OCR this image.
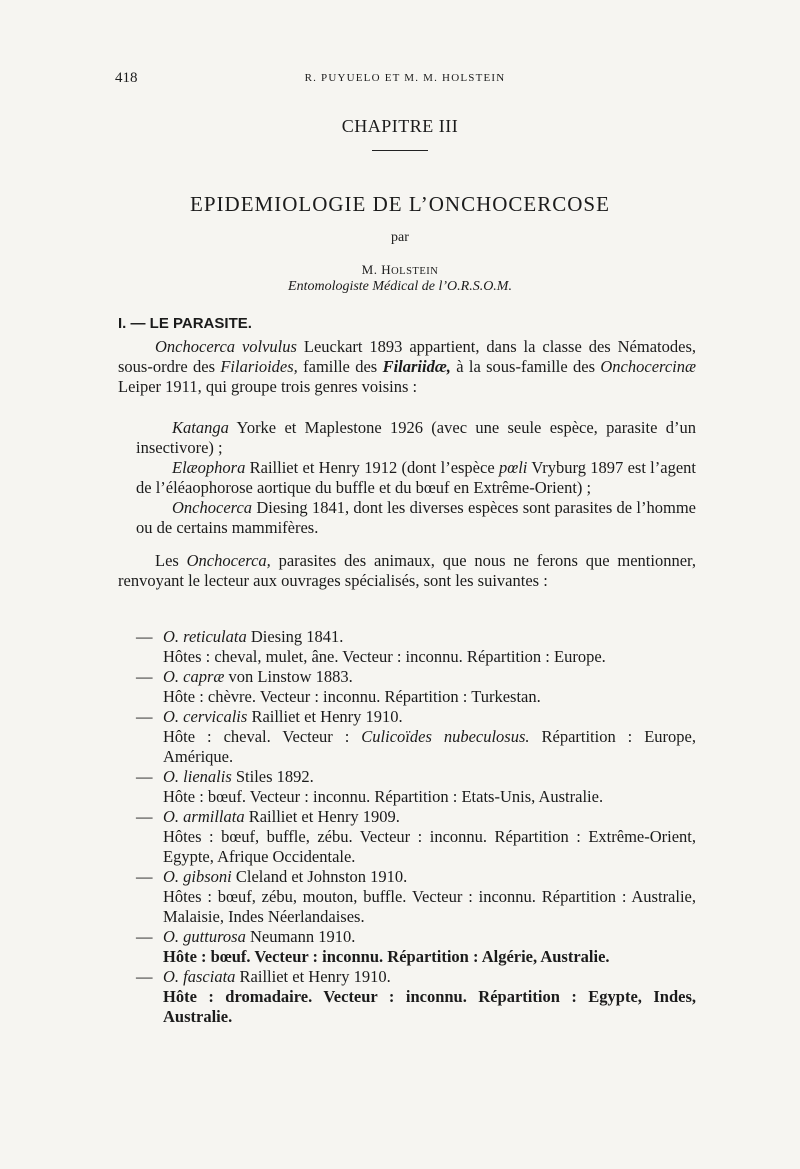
418	R. PUYUELO ET M. M. HOLSTEIN
CHAPITRE III
EPIDEMIOLOGIE DE L’ONCHOCERCOSE
par
M. HOLSTEIN
Entomologiste Médical de l’O.R.S.O.M.
I. — LE PARASITE.
Onchocerca volvulus Leuckart 1893 appartient, dans la classe des Nématodes, sous-ordre des Filarioides, famille des Filariidæ, à la sous-famille des Onchocercinæ Leiper 1911, qui groupe trois genres voisins :
Katanga Yorke et Maplestone 1926 (avec une seule espèce, parasite d’un insectivore) ;
Elæophora Railliet et Henry 1912 (dont l’espèce pœli Vryburg 1897 est l’agent de l’éléaophorose aortique du buffle et du bœuf en Extrême-Orient) ;
Onchocerca Diesing 1841, dont les diverses espèces sont parasites de l’homme ou de certains mammifères.
Les Onchocerca, parasites des animaux, que nous ne ferons que mentionner, renvoyant le lecteur aux ouvrages spécialisés, sont les suivantes :
— O. reticulata Diesing 1841.
Hôtes : cheval, mulet, âne. Vecteur : inconnu. Répartition : Europe.
— O. capræ von Linstow 1883.
Hôte : chèvre. Vecteur : inconnu. Répartition : Turkestan.
— O. cervicalis Railliet et Henry 1910.
Hôte : cheval. Vecteur : Culicoïdes nubeculosus. Répartition : Europe, Amérique.
— O. lienalis Stiles 1892.
Hôte : bœuf. Vecteur : inconnu. Répartition : Etats-Unis, Australie.
— O. armillata Railliet et Henry 1909.
Hôtes : bœuf, buffle, zébu. Vecteur : inconnu. Répartition : Extrême-Orient, Egypte, Afrique Occidentale.
— O. gibsoni Cleland et Johnston 1910.
Hôtes : bœuf, zébu, mouton, buffle. Vecteur : inconnu. Répartition : Australie, Malaisie, Indes Néerlandaises.
— O. gutturosa Neumann 1910.
Hôte : bœuf. Vecteur : inconnu. Répartition : Algérie, Australie.
— O. fasciata Railliet et Henry 1910.
Hôte : dromadaire. Vecteur : inconnu. Répartition : Egypte, Indes, Australie.
